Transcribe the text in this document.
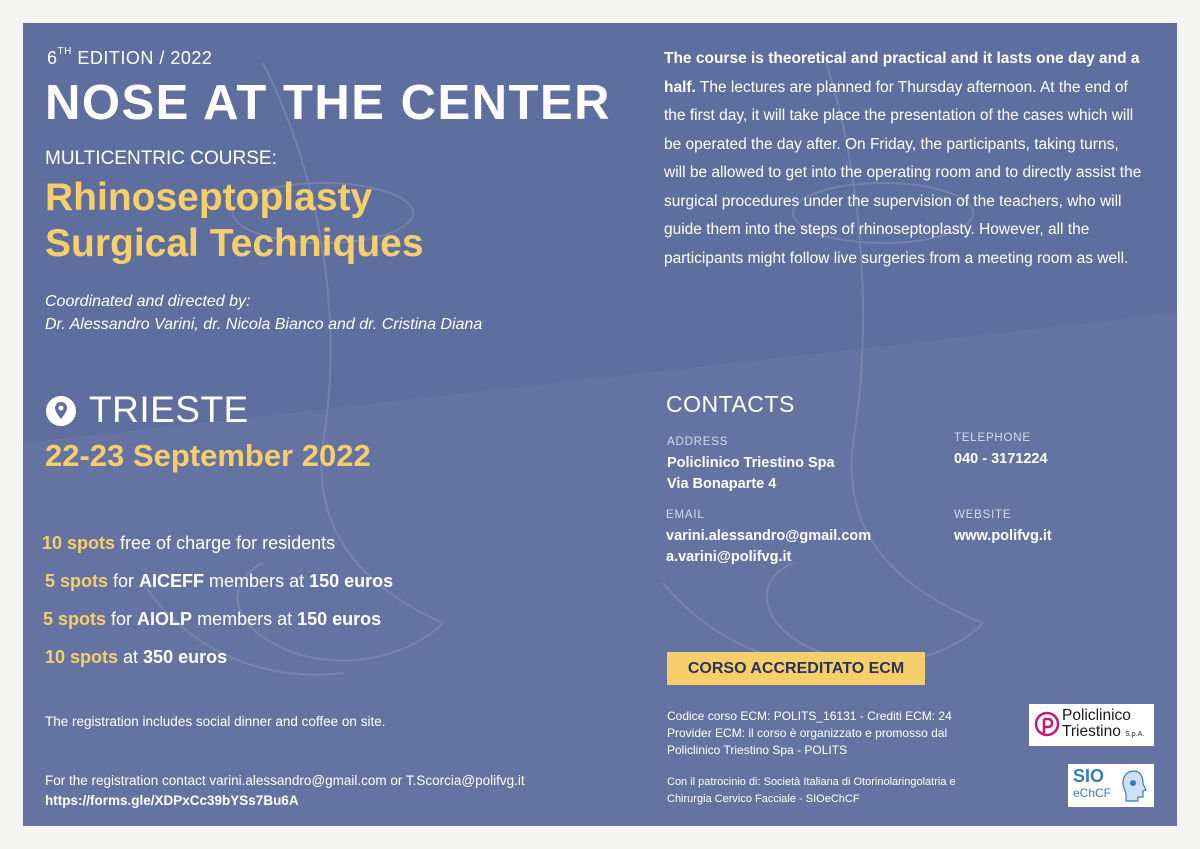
6TH EDITION / 2022
NOSE AT THE CENTER
MULTICENTRIC COURSE:
Rhinoseptoplasty
Surgical Techniques
Coordinated and directed by:
Dr. Alessandro Varini, dr. Nicola Bianco and dr. Cristina Diana
TRIESTE
22-23 September 2022
10 spots free of charge for residents
5 spots for AICEFF members at 150 euros
5 spots for AIOLP members at 150 euros
10 spots at 350 euros
The registration includes social dinner and coffee on site.
For the registration contact varini.alessandro@gmail.com or T.Scorcia@polifvg.it
https://forms.gle/XDPxCc39bYSs7Bu6A
The course is theoretical and practical and it lasts one day and a half. The lectures are planned for Thursday afternoon. At the end of the first day, it will take place the presentation of the cases which will be operated the day after. On Friday, the participants, taking turns, will be allowed to get into the operating room and to directly assist the surgical procedures under the supervision of the teachers, who will guide them into the steps of rhinoseptoplasty. However, all the participants might follow live surgeries from a meeting room as well.
CONTACTS
ADDRESS
Policlinico Triestino Spa
Via Bonaparte 4
TELEPHONE
040 - 3171224
EMAIL
varini.alessandro@gmail.com
a.varini@polifvg.it
WEBSITE
www.polifvg.it
CORSO ACCREDITATO ECM
Codice corso ECM: POLITS_16131 - Crediti ECM: 24
Provider ECM: il corso è organizzato e promosso dal
Policlinico Triestino Spa - POLITS
Con il patrocinio di: Società Italiana di Otorinolaringolatria e
Chirurgia Cervico Facciale - SIOeChCF
Policlinico
Triestino S.p.A.
SIO
eChCF
